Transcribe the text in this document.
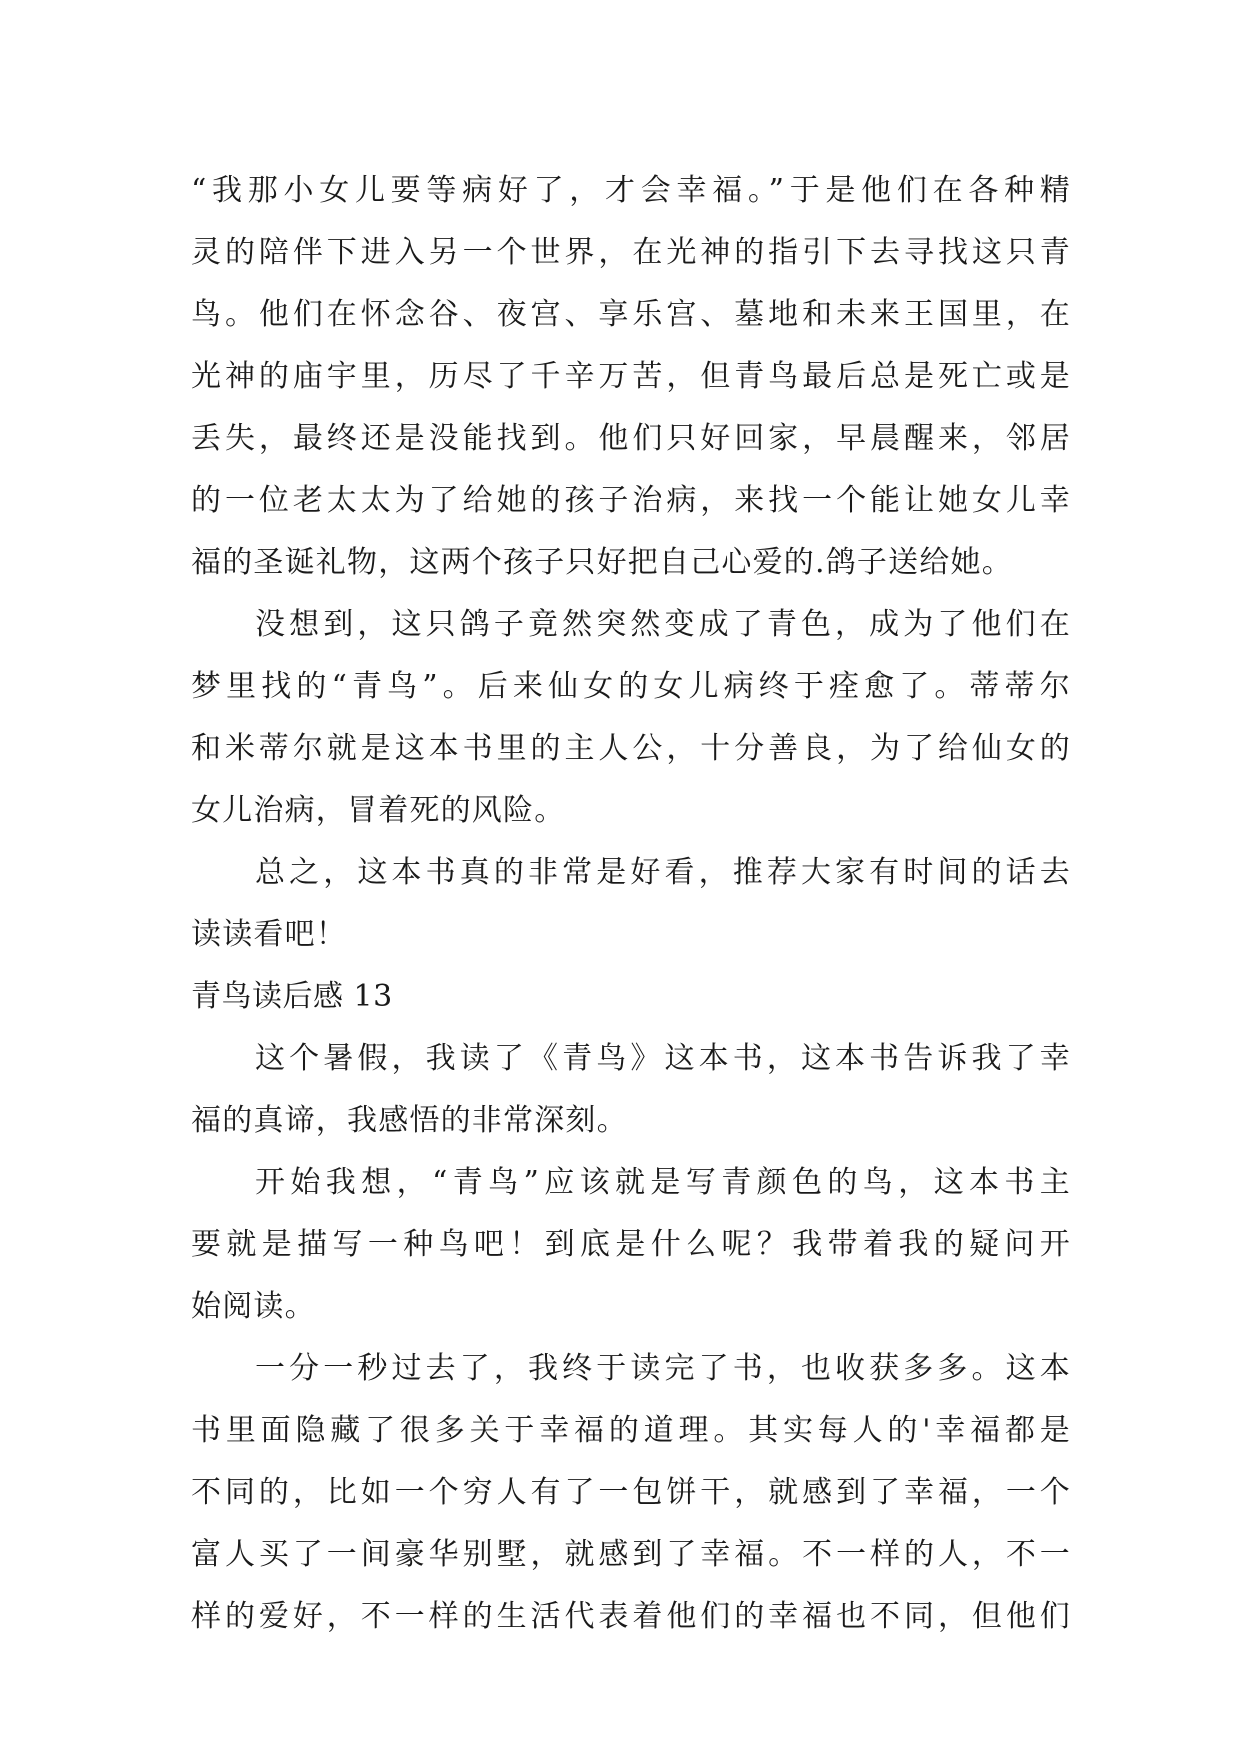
“我那小女儿要等病好了，才会幸福。”于是他们在各种精
灵的陪伴下进入另一个世界，在光神的指引下去寻找这只青
鸟。他们在怀念谷、夜宫、享乐宫、墓地和未来王国里，在
光神的庙宇里，历尽了千辛万苦，但青鸟最后总是死亡或是
丢失，最终还是没能找到。他们只好回家，早晨醒来，邻居
的一位老太太为了给她的孩子治病，来找一个能让她女儿幸
福的圣诞礼物，这两个孩子只好把自己心爱的.鸽子送给她。
没想到，这只鸽子竟然突然变成了青色，成为了他们在
梦里找的“青鸟”。后来仙女的女儿病终于痊愈了。蒂蒂尔
和米蒂尔就是这本书里的主人公，十分善良，为了给仙女的
女儿治病，冒着死的风险。
总之，这本书真的非常是好看，推荐大家有时间的话去
读读看吧！
青鸟读后感 13
这个暑假，我读了《青鸟》这本书，这本书告诉我了幸
福的真谛，我感悟的非常深刻。
开始我想，“青鸟”应该就是写青颜色的鸟，这本书主
要就是描写一种鸟吧！到底是什么呢？我带着我的疑问开
始阅读。
一分一秒过去了，我终于读完了书，也收获多多。这本
书里面隐藏了很多关于幸福的道理。其实每人的'幸福都是
不同的，比如一个穷人有了一包饼干，就感到了幸福，一个
富人买了一间豪华别墅，就感到了幸福。不一样的人，不一
样的爱好，不一样的生活代表着他们的幸福也不同，但他们
